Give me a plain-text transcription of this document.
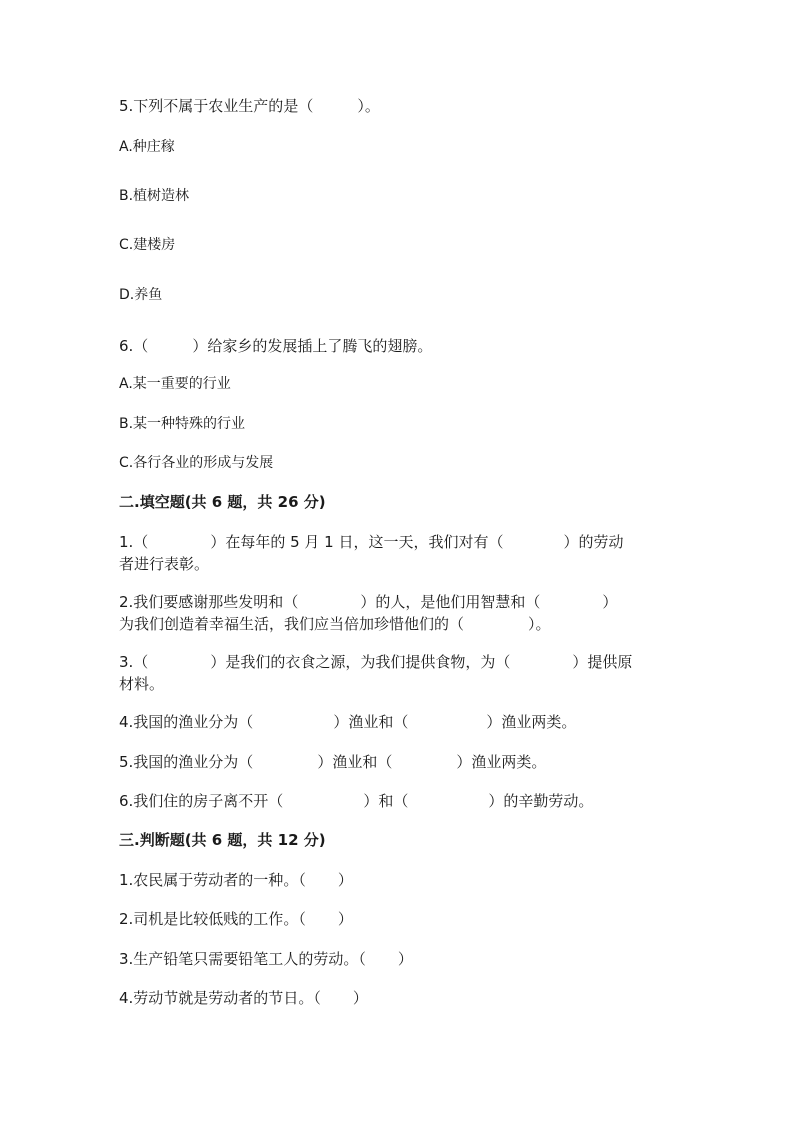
5.下列不属于农业生产的是（	）。
A.种庄稼
B.植树造林
C.建楼房
D.养鱼
6.（	）给家乡的发展插上了腾飞的翅膀。
A.某一重要的行业
B.某一种特殊的行业
C.各行各业的形成与发展
二.填空题(共 6 题，共 26 分)
1.（	）在每年的 5 月 1 日，这一天，我们对有（	）的劳动
者进行表彰。
2.我们要感谢那些发明和（	）的人，是他们用智慧和（	）
为我们创造着幸福生活，我们应当倍加珍惜他们的（	）。
3.（	）是我们的衣食之源，为我们提供食物，为（	）提供原
材料。
4.我国的渔业分为（	）渔业和（	）渔业两类。
5.我国的渔业分为（	）渔业和（	）渔业两类。
6.我们住的房子离不开（	）和（	）的辛勤劳动。
三.判断题(共 6 题，共 12 分)
1.农民属于劳动者的一种。（ ）
2.司机是比较低贱的工作。（ ）
3.生产铅笔只需要铅笔工人的劳动。（ ）
4.劳动节就是劳动者的节日。（ ）
